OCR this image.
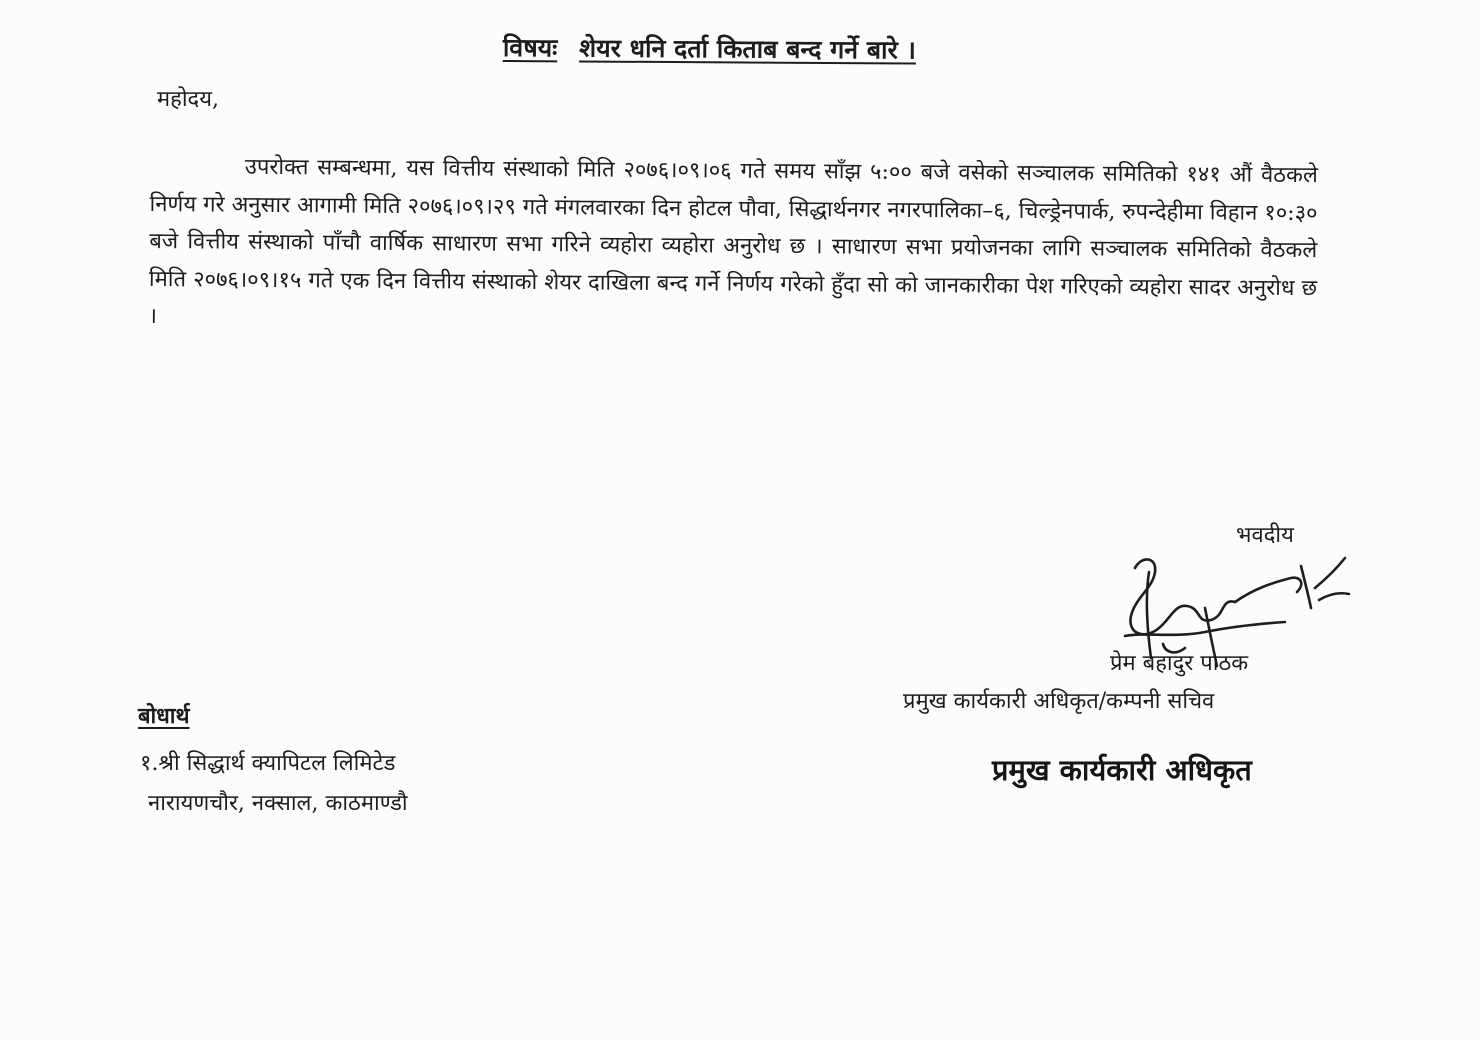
विषयः शेयर धनि दर्ता किताब बन्द गर्ने बारे ।
महोदय,

उपरोक्त सम्बन्धमा, यस वित्तीय संस्थाको मिति २०७६।०९।०६ गते समय साँझ ५:०० बजे वसेको सञ्चालक समितिको १४१ औं वैठकले निर्णय गरे अनुसार आगामी मिति २०७६।०९।२९ गते मंगलवारका दिन होटल पौवा, सिद्धार्थनगर नगरपालिका–६, चिल्ड्रेनपार्क, रुपन्देहीमा विहान १०:३० बजे वित्तीय संस्थाको पाँचौ वार्षिक साधारण सभा गरिने व्यहोरा व्यहोरा अनुरोध छ । साधारण सभा प्रयोजनका लागि सञ्चालक समितिको वैठकले मिति २०७६।०९।१५ गते एक दिन वित्तीय संस्थाको शेयर दाखिला बन्द गर्ने निर्णय गरेको हुँदा सो को जानकारीका पेश गरिएको व्यहोरा सादर अनुरोध छ ।

भवदीय
प्रेम बहादुर पाठक
प्रमुख कार्यकारी अधिकृत/कम्पनी सचिव
प्रमुख कार्यकारी अधिकृत
बोधार्थ
१.श्री सिद्धार्थ क्यापिटल लिमिटेड
नारायणचौर, नक्साल, काठमाण्डौ
